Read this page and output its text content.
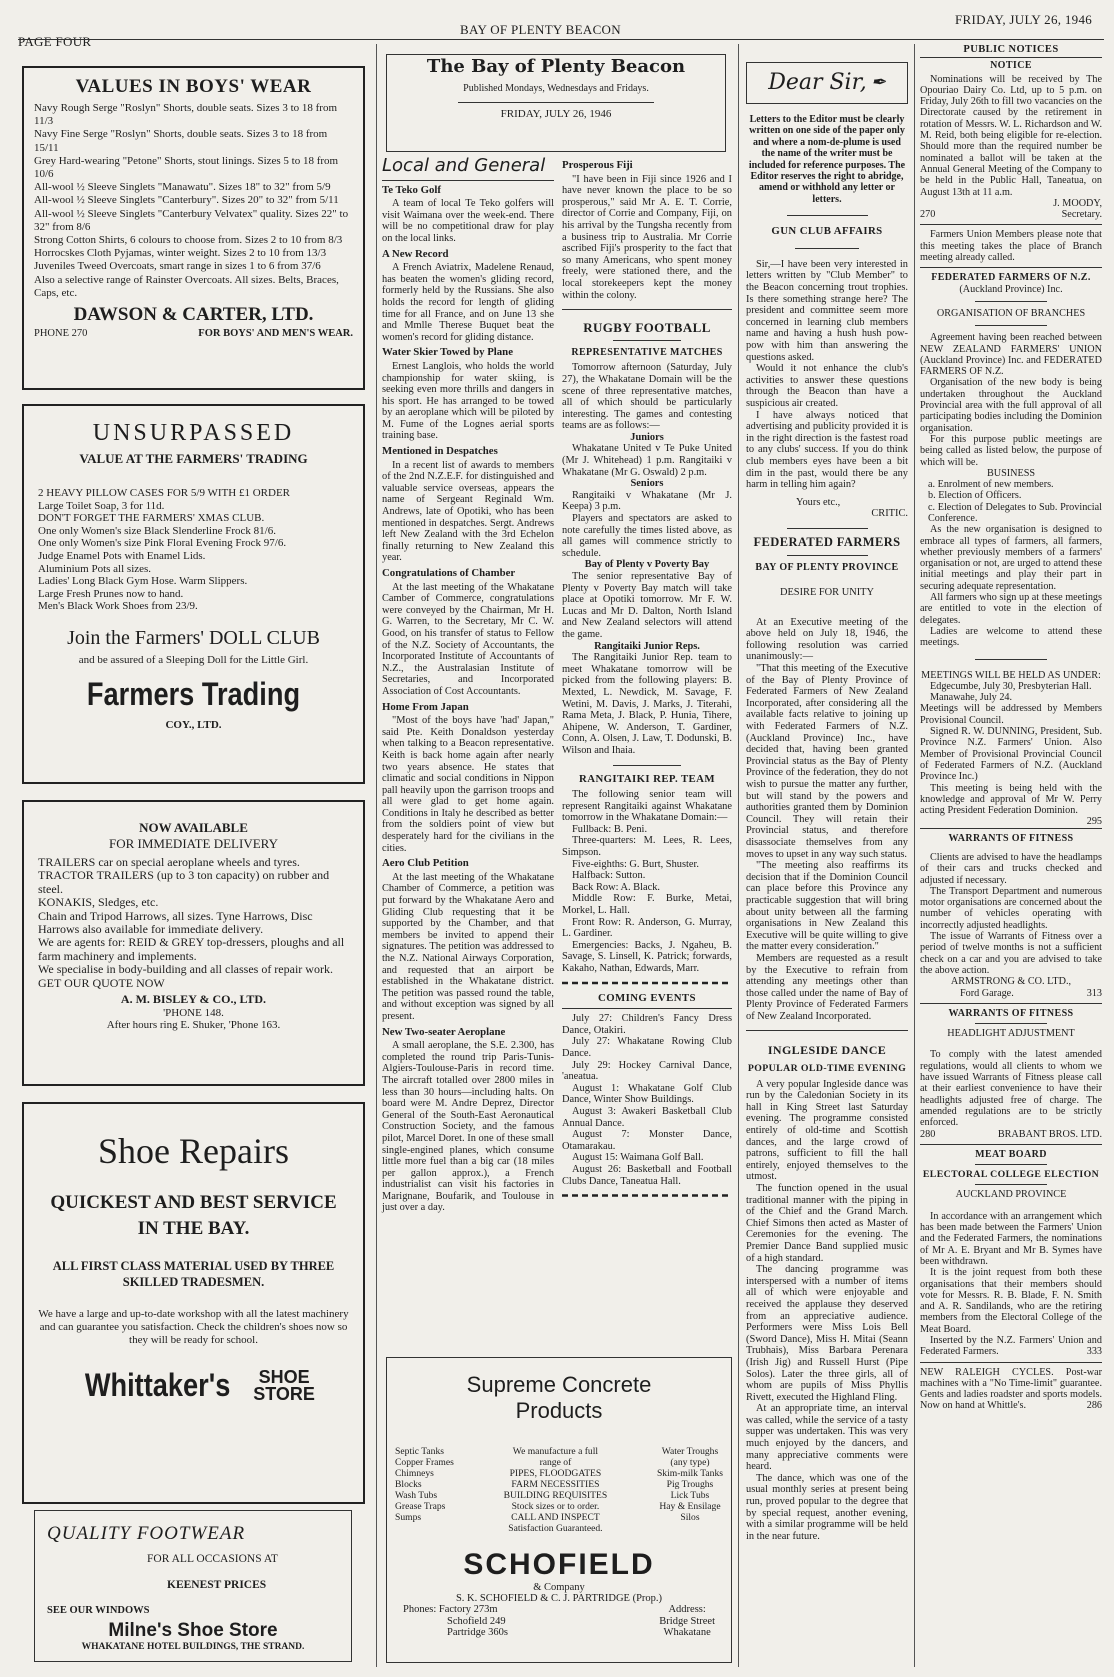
PAGE FOUR
BAY OF PLENTY BEACON
FRIDAY, JULY 26, 1946
VALUES IN BOYS' WEAR

Navy Rough Serge "Roslyn" Shorts, double seats. Sizes 3 to 18 from 11/3

Navy Fine Serge "Roslyn" Shorts, double seats. Sizes 3 to 18 from 15/11

Grey Hard-wearing "Petone" Shorts, stout linings. Sizes 5 to 18 from 10/6

All-wool ½ Sleeve Singlets "Manawatu". Sizes 18" to 32" from 5/9

All-wool ½ Sleeve Singlets "Canterbury". Sizes 20" to 32" from 5/11

All-wool ½ Sleeve Singlets "Canterbury Velvatex" quality. Sizes 22" to 32" from 8/6

Strong Cotton Shirts, 6 colours to choose from. Sizes 2 to 10 from 8/3

Horrocskes Cloth Pyjamas, winter weight. Sizes 2 to 10 from 13/3

Juveniles Tweed Overcoats, smart range in sizes 1 to 6 from 37/6

Also a selective range of Rainster Overcoats. All sizes. Belts, Braces, Caps, etc.

DAWSON & CARTER, LTD.
PHONE 270	FOR BOYS' AND MEN'S WEAR.
UNSURPASSED
VALUE AT THE FARMERS' TRADING

2 HEAVY PILLOW CASES FOR 5/9 WITH £1 ORDER

Large Toilet Soap, 3 for 11d.

DON'T FORGET THE FARMERS' XMAS CLUB.

One only Women's size Black Slenderline Frock 81/6.

One only Women's size Pink Floral Evening Frock 97/6.

Judge Enamel Pots with Enamel Lids.

Aluminium Pots all sizes.

Ladies' Long Black Gym Hose. Warm Slippers.

Large Fresh Prunes now to hand.

Men's Black Work Shoes from 23/9.

Join the Farmers' DOLL CLUB
and be assured of a Sleeping Doll for the Little Girl.
Farmers Trading
COY., LTD.
NOW AVAILABLE
FOR IMMEDIATE DELIVERY

TRAILERS car on special aeroplane wheels and tyres.

TRACTOR TRAILERS (up to 3 ton capacity) on rubber and steel.

KONAKIS, Sledges, etc.

Chain and Tripod Harrows, all sizes. Tyne Harrows, Disc Harrows also available for immediate delivery.

We are agents for: REID & GREY top-dressers, ploughs and all farm machinery and implements.

We specialise in body-building and all classes of repair work. GET OUR QUOTE NOW

A. M. BISLEY & CO., LTD.
'PHONE 148.
After hours ring E. Shuker, 'Phone 163.
Shoe Repairs
QUICKEST AND BEST SERVICE IN THE BAY.
ALL FIRST CLASS MATERIAL USED BY THREE SKILLED TRADESMEN.
We have a large and up-to-date workshop with all the latest machinery and can guarantee you satisfaction. Check the children's shoes now so they will be ready for school.
Whittaker's SHOE
STORE
QUALITY FOOTWEAR
FOR ALL OCCASIONS AT
KEENEST PRICES
SEE OUR WINDOWS
Milne's Shoe Store
WHAKATANE HOTEL BUILDINGS, THE STRAND.
The Bay of Plenty Beacon
Published Mondays, Wednesdays and Fridays.
FRIDAY, JULY 26, 1946
Local and General
Te Teko Golf

A team of local Te Teko golfers will visit Waimana over the week-end. There will be no competitional draw for play on the local links.

A New Record

A French Aviatrix, Madelene Renaud, has beaten the women's gliding record, formerly held by the Russians. She also holds the record for length of gliding time for all France, and on June 13 she and Mmlle Therese Buquet beat the women's record for gliding distance.

Water Skier Towed by Plane

Ernest Langlois, who holds the world championship for water skiing, is seeking even more thrills and dangers in his sport. He has arranged to be towed by an aeroplane which will be piloted by M. Fume of the Lognes aerial sports training base.

Mentioned in Despatches

In a recent list of awards to members of the 2nd N.Z.E.F. for distinguished and valuable service overseas, appears the name of Sergeant Reginald Wm. Andrews, late of Opotiki, who has been mentioned in despatches. Sergt. Andrews left New Zealand with the 3rd Echelon finally returning to New Zealand this year.

Congratulations of Chamber

At the last meeting of the Whakatane Camber of Commerce, congratulations were conveyed by the Chairman, Mr H. G. Warren, to the Secretary, Mr C. W. Good, on his transfer of status to Fellow of the N.Z. Society of Accountants, the Incorporated Institute of Accountants of N.Z., the Australasian Institute of Secretaries, and Incorporated Association of Cost Accountants.

Home From Japan

"Most of the boys have 'had' Japan," said Pte. Keith Donaldson yesterday when talking to a Beacon representative. Keith is back home again after nearly two years absence. He states that climatic and social conditions in Nippon pall heavily upon the garrison troops and all were glad to get home again. Conditions in Italy he described as better from the soldiers point of view but desperately hard for the civilians in the cities.

Aero Club Petition

At the last meeting of the Whakatane Chamber of Commerce, a petition was put forward by the Whakatane Aero and Gliding Club requesting that it be supported by the Chamber, and that members be invited to append their signatures. The petition was addressed to the N.Z. National Airways Corporation, and requested that an airport be established in the Whakatane district. The petition was passed round the table, and without exception was signed by all present.

New Two-seater Aeroplane

A small aeroplane, the S.E. 2.300, has completed the round trip Paris-Tunis-Algiers-Toulouse-Paris in record time. The aircraft totalled over 2800 miles in less than 30 hours—including halts. On board were M. Andre Deprez, Director General of the South-East Aeronautical Construction Society, and the famous pilot, Marcel Doret. In one of these small single-engined planes, which consume little more fuel than a big car (18 miles per gallon approx.), a French industrialist can visit his factories in Marignane, Boufarik, and Toulouse in just over a day.

Prosperous Fiji

"I have been in Fiji since 1926 and I have never known the place to be so prosperous," said Mr A. E. T. Corrie, director of Corrie and Company, Fiji, on his arrival by the Tungsha recently from a business trip to Australia. Mr Corrie ascribed Fiji's prosperity to the fact that so many Americans, who spent money freely, were stationed there, and the local storekeepers kept the money within the colony.

RUGBY FOOTBALL
REPRESENTATIVE MATCHES

Tomorrow afternoon (Saturday, July 27), the Whakatane Domain will be the scene of three representative matches, all of which should be particularly interesting. The games and contesting teams are as follows:—

Juniors

Whakatane United v Te Puke United (Mr J. Whitehead) 1 p.m. Rangitaiki v Whakatane (Mr G. Oswald) 2 p.m.

Seniors

Rangitaiki v Whakatane (Mr J. Keepa) 3 p.m.

Players and spectators are asked to note carefully the times listed above, as all games will commence strictly to schedule.

Bay of Plenty v Poverty Bay

The senior representative Bay of Plenty v Poverty Bay match will take place at Opotiki tomorrow. Mr F. W. Lucas and Mr D. Dalton, North Island and New Zealand selectors will attend the game.

Rangitaiki Junior Reps.

The Rangitaiki Junior Rep. team to meet Whakatane tomorrow will be picked from the following players: B. Mexted, L. Newdick, M. Savage, F. Wetini, M. Davis, J. Marks, J. Titerahi, Rama Meta, J. Black, P. Hunia, Tihere, Ahipene, W. Anderson, T. Gardiner, Conn, A. Olsen, J. Law, T. Dodunski, B. Wilson and Ihaia.

RANGITAIKI REP. TEAM

The following senior team will represent Rangitaiki against Whakatane tomorrow in the Whakatane Domain:—

Fullback: B. Peni.

Three-quarters: M. Lees, R. Lees, Simpson.

Five-eighths: G. Burt, Shuster.

Halfback: Sutton.

Back Row: A. Black.

Middle Row: F. Burke, Metai, Morkel, L. Hall.

Front Row: R. Anderson, G. Murray, L. Gardiner.

Emergencies: Backs, J. Ngaheu, B. Savage, S. Linsell, K. Patrick; forwards, Kakaho, Nathan, Edwards, Marr.

COMING EVENTS

July 27: Children's Fancy Dress Dance, Otakiri.

July 27: Whakatane Rowing Club Dance.

July 29: Hockey Carnival Dance, 'aneatua.

August 1: Whakatane Golf Club Dance, Winter Show Buildings.

August 3: Awakeri Basketball Club Annual Dance.

August 7: Monster Dance, Otamarakau.

August 15: Waimana Golf Ball.

August 26: Basketball and Football Clubs Dance, Taneatua Hall.

Supreme Concrete
Products

Septic Tanks

Copper Frames

Chimneys

Blocks

Wash Tubs

Grease Traps

Sumps

We manufacture a full

range of

PIPES, FLOODGATES

FARM NECESSITIES

BUILDING REQUISITES

Stock sizes or to order.

CALL AND INSPECT

Satisfaction Guaranteed.

Water Troughs

(any type)

Skim-milk Tanks

Pig Troughs

Lick Tubs

Hay & Ensilage

Silos

SCHOFIELD
& Company
S. K. SCHOFIELD & C. J. PARTRIDGE (Prop.)
Phones: Factory 273m
Schofield 249
Partridge 360s
Address:
Bridge Street
Whakatane
Dear Sir, ✒

Letters to the Editor must be clearly written on one side of the paper only and where a nom-de-plume is used the name of the writer must be included for reference purposes. The Editor reserves the right to abridge, amend or withhold any letter or letters.

GUN CLUB AFFAIRS

Sir,—I have been very interested in letters written by "Club Member" to the Beacon concerning trout trophies. Is there something strange here? The president and committee seem more concerned in learning club members name and having a hush hush pow-pow with him than answering the questions asked.

Would it not enhance the club's activities to answer these questions through the Beacon than have a suspicious air created.

I have always noticed that advertising and publicity provided it is in the right direction is the fastest road to any clubs' success. If you do think club members eyes have been a bit dim in the past, would there be any harm in telling him again?

Yours etc.,
CRITIC.
FEDERATED FARMERS
BAY OF PLENTY PROVINCE
DESIRE FOR UNITY

At an Executive meeting of the above held on July 18, 1946, the following resolution was carried unanimously:—

"That this meeting of the Executive of the Bay of Plenty Province of Federated Farmers of New Zealand Incorporated, after considering all the available facts relative to joining up with Federated Farmers of N.Z. (Auckland Province) Inc., have decided that, having been granted Provincial status as the Bay of Plenty Province of the federation, they do not wish to pursue the matter any further, but will stand by the powers and authorities granted them by Dominion Council. They will retain their Provincial status, and therefore disassociate themselves from any moves to upset in any way such status.

"The meeting also reaffirms its decision that if the Dominion Council can place before this Province any practicable suggestion that will bring about unity between all the farming organisations in New Zealand this Executive will be quite willing to give the matter every consideration."

Members are requested as a result by the Executive to refrain from attending any meetings other than those called under the name of Bay of Plenty Province of Federated Farmers of New Zealand Incorporated.

INGLESIDE DANCE
POPULAR OLD-TIME EVENING

A very popular Ingleside dance was run by the Caledonian Society in its hall in King Street last Saturday evening. The programme consisted entirely of old-time and Scottish dances, and the large crowd of patrons, sufficient to fill the hall entirely, enjoyed themselves to the utmost.

The function opened in the usual traditional manner with the piping in of the Chief and the Grand March. Chief Simons then acted as Master of Ceremonies for the evening. The Premier Dance Band supplied music of a high standard.

The dancing programme was interspersed with a number of items all of which were enjoyable and received the applause they deserved from an appreciative audience. Performers were Miss Lois Bell (Sword Dance), Miss H. Mitai (Seann Trubhais), Miss Barbara Perenara (Irish Jig) and Russell Hurst (Pipe Solos). Later the three girls, all of whom are pupils of Miss Phyllis Rivett, executed the Highland Fling.

At an appropriate time, an interval was called, while the service of a tasty supper was undertaken. This was very much enjoyed by the dancers, and many appreciative comments were heard.

The dance, which was one of the usual monthly series at present being run, proved popular to the degree that by special request, another evening, with a similar programme will be held in the near future.

PUBLIC NOTICES
NOTICE

Nominations will be received by The Opouriao Dairy Co. Ltd, up to 5 p.m. on Friday, July 26th to fill two vacancies on the Directorate caused by the retirement in rotation of Messrs. W. L. Richardson and W. M. Reid, both being eligible for re-election. Should more than the required number be nominated a ballot will be taken at the Annual General Meeting of the Company to be held in the Public Hall, Taneatua, on August 13th at 11 a.m.

J. MOODY,
270	Secretary.

Farmers Union Members please note that this meeting takes the place of Branch meeting already called.

FEDERATED FARMERS OF N.Z.
(Auckland Province) Inc.
ORGANISATION OF BRANCHES

Agreement having been reached between NEW ZEALAND FARMERS' UNION (Auckland Province) Inc. and FEDERATED FARMERS OF N.Z.

Organisation of the new body is being undertaken throughout the Auckland Provincial area with the full approval of all participating bodies including the Dominion organisation.

For this purpose public meetings are being called as listed below, the purpose of which will be.

BUSINESS

a. Enrolment of new members.

b. Election of Officers.

c. Election of Delegates to Sub. Provincial Conference.

As the new organisation is designed to embrace all types of farmers, all farmers, whether previously members of a farmers' organisation or not, are urged to attend these initial meetings and play their part in securing adequate representation.

All farmers who sign up at these meetings are entitled to vote in the election of delegates.

Ladies are welcome to attend these meetings.

MEETINGS WILL BE HELD AS UNDER:

Edgecumbe, July 30, Presbyterian Hall.

Manawahe, July 24.

Meetings will be addressed by Members Provisional Council.

Signed R. W. DUNNING, President, Sub. Province N.Z. Farmers' Union. Also Member of Provisional Provincial Council of Federated Farmers of N.Z. (Auckland Province Inc.)

This meeting is being held with the knowledge and approval of Mr W. Perry acting President Federation Dominion.
295

WARRANTS OF FITNESS

Clients are advised to have the headlamps of their cars and trucks checked and adjusted if necessary.

The Transport Department and numerous motor organisations are concerned about the number of vehicles operating with incorrectly adjusted headlights.

The issue of Warrants of Fitness over a period of twelve months is not a sufficient check on a car and you are advised to take the above action.

ARMSTRONG & CO. LTD.,
Ford Garage.	313
WARRANTS OF FITNESS
HEADLIGHT ADJUSTMENT

To comply with the latest amended regulations, would all clients to whom we have issued Warrants of Fitness please call at their earliest convenience to have their headlights adjusted free of charge. The amended regulations are to be strictly enforced.

280	BRABANT BROS. LTD.
MEAT BOARD
ELECTORAL COLLEGE ELECTION
AUCKLAND PROVINCE

In accordance with an arrangement which has been made between the Farmers' Union and the Federated Farmers, the nominations of Mr A. E. Bryant and Mr B. Symes have been withdrawn.

It is the joint request from both these organisations that their members should vote for Messrs. R. B. Blade, F. N. Smith and A. R. Sandilands, who are the retiring members from the Electoral College of the Meat Board.

Inserted by the N.Z. Farmers' Union and Federated Farmers.	333

NEW RALEIGH CYCLES. Post-war machines with a "No Time-limit" guarantee. Gents and ladies roadster and sports models. Now on hand at Whittle's.	286
